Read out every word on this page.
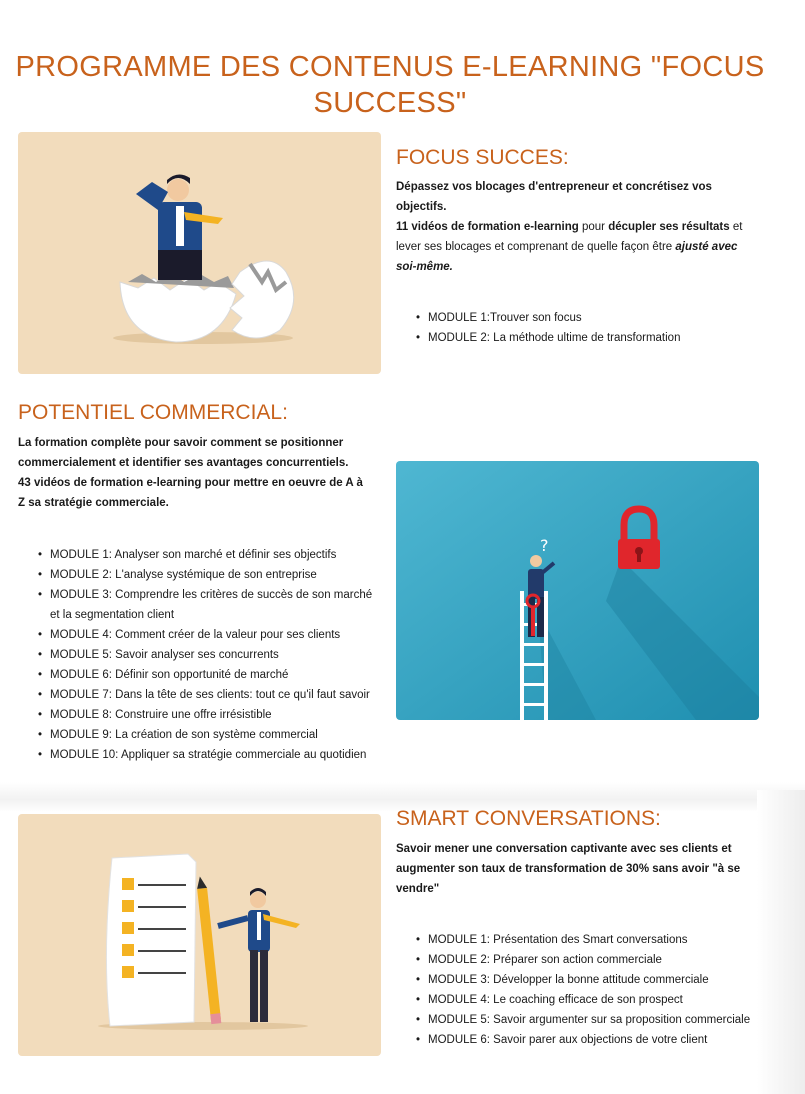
PROGRAMME DES CONTENUS E-LEARNING "FOCUS SUCCESS"
FOCUS SUCCES:
Dépassez vos blocages d'entrepreneur et concrétisez vos objectifs.
11 vidéos de formation e-learning pour décupler ses résultats et lever ses blocages et comprenant de quelle façon être ajusté avec soi-même.
• MODULE 1:Trouver son focus
• MODULE 2: La méthode ultime de transformation
POTENTIEL COMMERCIAL:
La formation complète pour savoir comment se positionner commercialement et identifier ses avantages concurrentiels.
43 vidéos de formation e-learning pour mettre en oeuvre de A à Z sa stratégie commerciale.
• MODULE 1: Analyser son marché et définir ses objectifs
• MODULE 2: L'analyse systémique de son entreprise
• MODULE 3: Comprendre les critères de succès de son marché et la segmentation client
• MODULE 4: Comment créer de la valeur pour ses clients
• MODULE 5: Savoir analyser ses concurrents
• MODULE 6: Définir son opportunité de marché
• MODULE 7: Dans la tête de ses clients: tout ce qu'il faut savoir
• MODULE 8: Construire une offre irrésistible
• MODULE 9: La création de son système commercial
• MODULE 10: Appliquer sa stratégie commerciale au quotidien
?
SMART CONVERSATIONS:
Savoir mener une conversation captivante avec ses clients et augmenter son taux de transformation de 30% sans avoir "à se vendre"
• MODULE 1: Présentation des Smart conversations
• MODULE 2: Préparer son action commerciale
• MODULE 3: Développer la bonne attitude commerciale
• MODULE 4: Le coaching efficace de son prospect
• MODULE 5: Savoir argumenter sur sa proposition commerciale
• MODULE 6: Savoir parer aux objections de votre client
